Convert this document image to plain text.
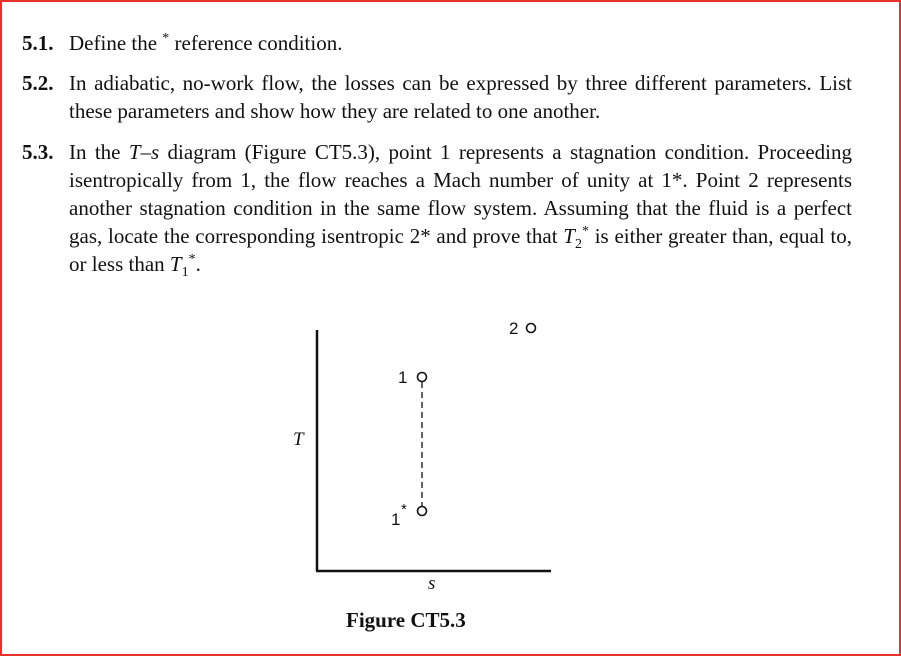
5.1. Define the * reference condition.
5.2. In adiabatic, no-work flow, the losses can be expressed by three different parameters. List these parameters and show how they are related to one another.
5.3. In the T–s diagram (Figure CT5.3), point 1 represents a stagnation condition. Proceeding isentropically from 1, the flow reaches a Mach number of unity at 1*. Point 2 represents another stagnation condition in the same flow system. Assuming that the fluid is a perfect gas, locate the corresponding isentropic 2* and prove that $T_2^*$ is either greater than, equal to, or less than $T_1^*$.
T
s
1
1
*
2
Figure CT5.3
